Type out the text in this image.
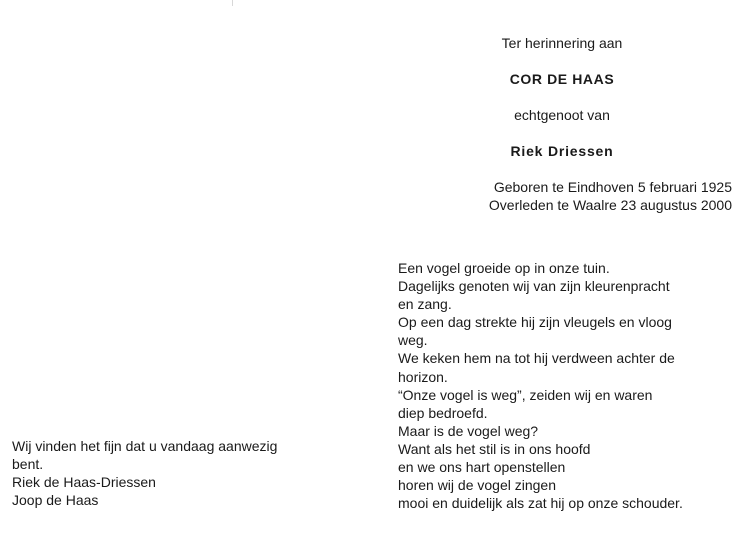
Ter herinnering aan
COR DE HAAS
echtgenoot van
Riek Driessen
Geboren te Eindhoven 5 februari 1925
Overleden te Waalre 23 augustus 2000
Een vogel groeide op in onze tuin.
Dagelijks genoten wij van zijn kleurenpracht
en zang.
Op een dag strekte hij zijn vleugels en vloog
weg.
We keken hem na tot hij verdween achter de
horizon.
“Onze vogel is weg”, zeiden wij en waren
diep bedroefd.
Maar is de vogel weg?
Want als het stil is in ons hoofd
en we ons hart openstellen
horen wij de vogel zingen
mooi en duidelijk als zat hij op onze schouder.
Wij vinden het fijn dat u vandaag aanwezig
bent.
Riek de Haas-Driessen
Joop de Haas
